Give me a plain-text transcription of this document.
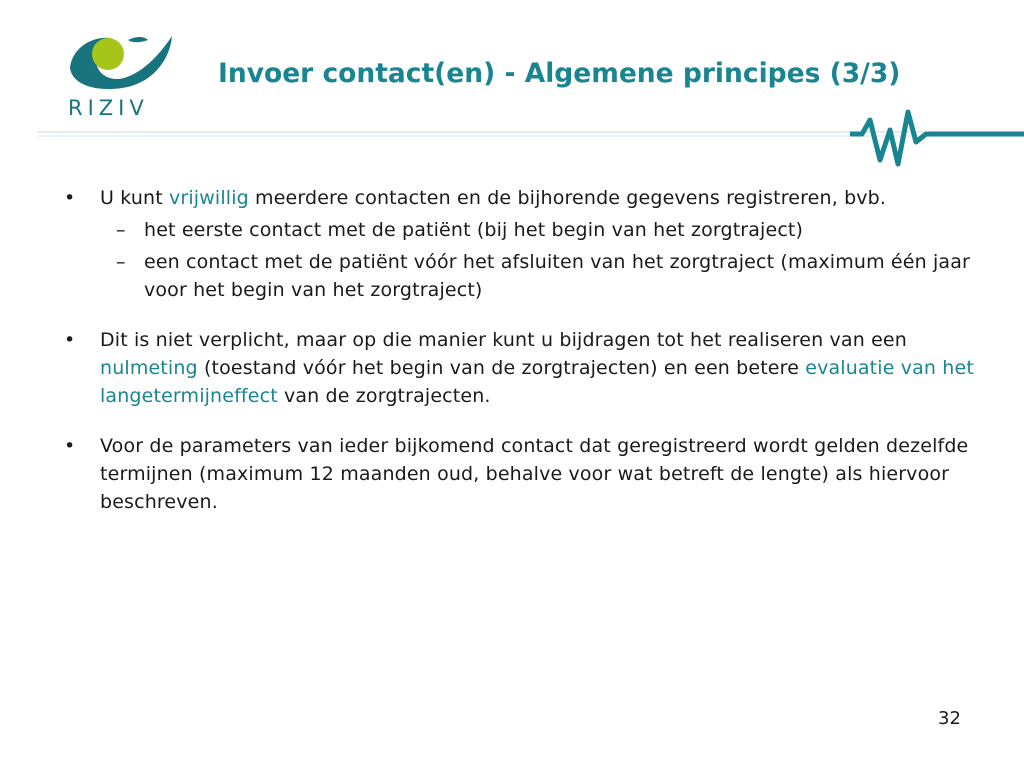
RIZIV
Invoer contact(en) - Algemene principes (3/3)
• U kunt vrijwillig meerdere contacten en de bijhorende gegevens registreren, bvb.
– het eerste contact met de patiënt (bij het begin van het zorgtraject)
– een contact met de patiënt vóór het afsluiten van het zorgtraject (maximum één jaar voor het begin van het zorgtraject)
• Dit is niet verplicht, maar op die manier kunt u bijdragen tot het realiseren van een nulmeting (toestand vóór het begin van de zorgtrajecten) en een betere evaluatie van het langetermijneffect van de zorgtrajecten.
• Voor de parameters van ieder bijkomend contact dat geregistreerd wordt gelden dezelfde termijnen (maximum 12 maanden oud, behalve voor wat betreft de lengte) als hiervoor beschreven.
32
